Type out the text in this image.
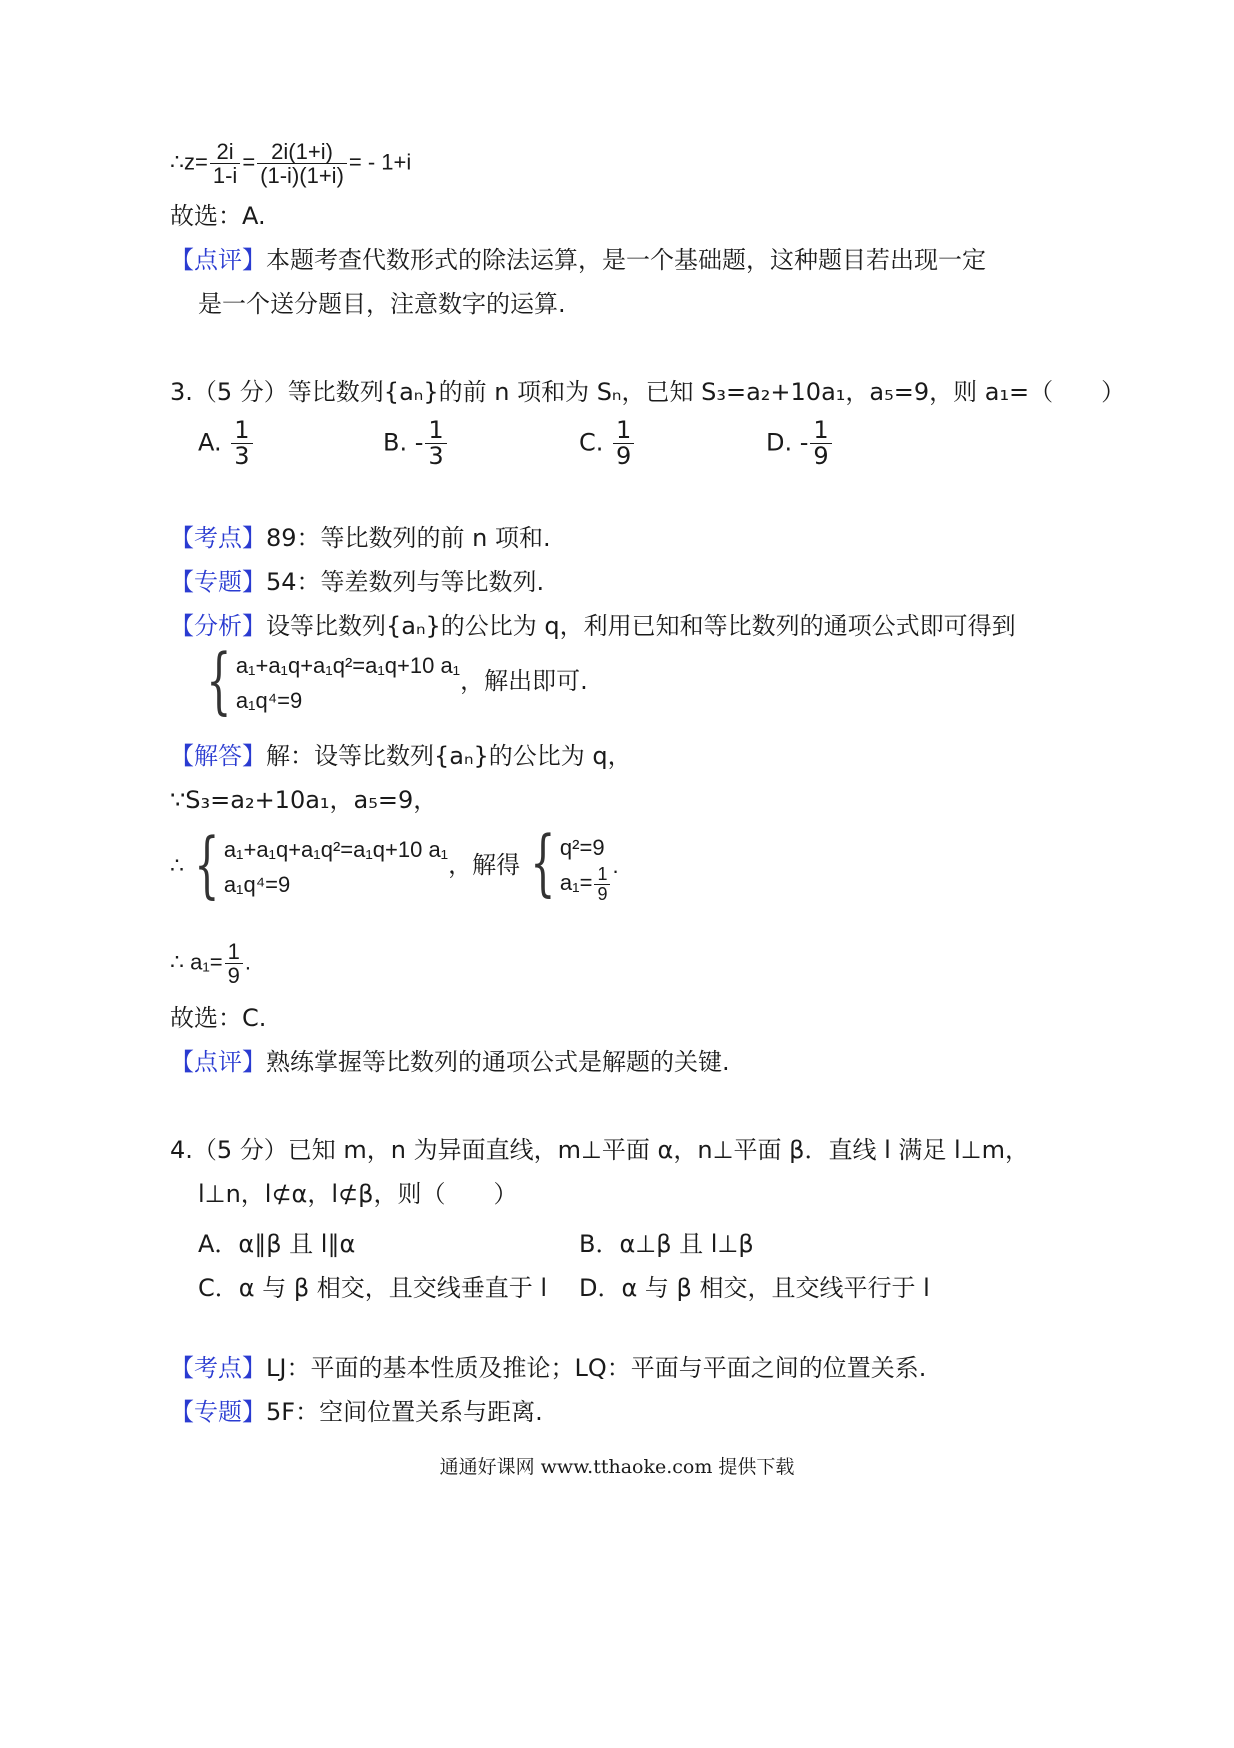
∴z= $\frac{2i}{1-i} = \frac{2i(1+i)}{(1-i)(1+i)}$ = - 1+i
故选：A.
【点评】本题考查代数形式的除法运算，是一个基础题，这种题目若出现一定
是一个送分题目，注意数字的运算.
3.（5 分）等比数列{aₙ}的前 n 项和为 Sₙ，已知 S₃=a₂+10a₁，a₅=9，则 a₁=（　　）
A. $\frac{1}{3}$	B. - $\frac{1}{3}$	C. $\frac{1}{9}$	D. - $\frac{1}{9}$
【考点】89：等比数列的前 n 项和.
【专题】54：等差数列与等比数列.
【分析】设等比数列{aₙ}的公比为 q，利用已知和等比数列的通项公式即可得到
{ a₁+a₁q+a₁q²=a₁q+10 a₁
a₁q⁴=9
，解出即可.
【解答】解：设等比数列{aₙ}的公比为 q，
∵S₃=a₂+10a₁，a₅=9，
∴ { a₁+a₁q+a₁q²=a₁q+10 a₁
a₁q⁴=9
，解得 { q²=9
$a_1= \frac{1}{9}$ .
∴ $a_1= \frac{1}{9}$ .
故选：C.
【点评】熟练掌握等比数列的通项公式是解题的关键.
4.（5 分）已知 m，n 为异面直线，m⊥平面 α，n⊥平面 β．直线 l 满足 l⊥m，
l⊥n，l⊄α，l⊄β，则（　　）
A．α∥β 且 l∥α	B．α⊥β 且 l⊥β
C．α 与 β 相交，且交线垂直于 l D．α 与 β 相交，且交线平行于 l
【考点】LJ：平面的基本性质及推论；LQ：平面与平面之间的位置关系.
【专题】5F：空间位置关系与距离.
通通好课网 www.tthaoke.com 提供下载
